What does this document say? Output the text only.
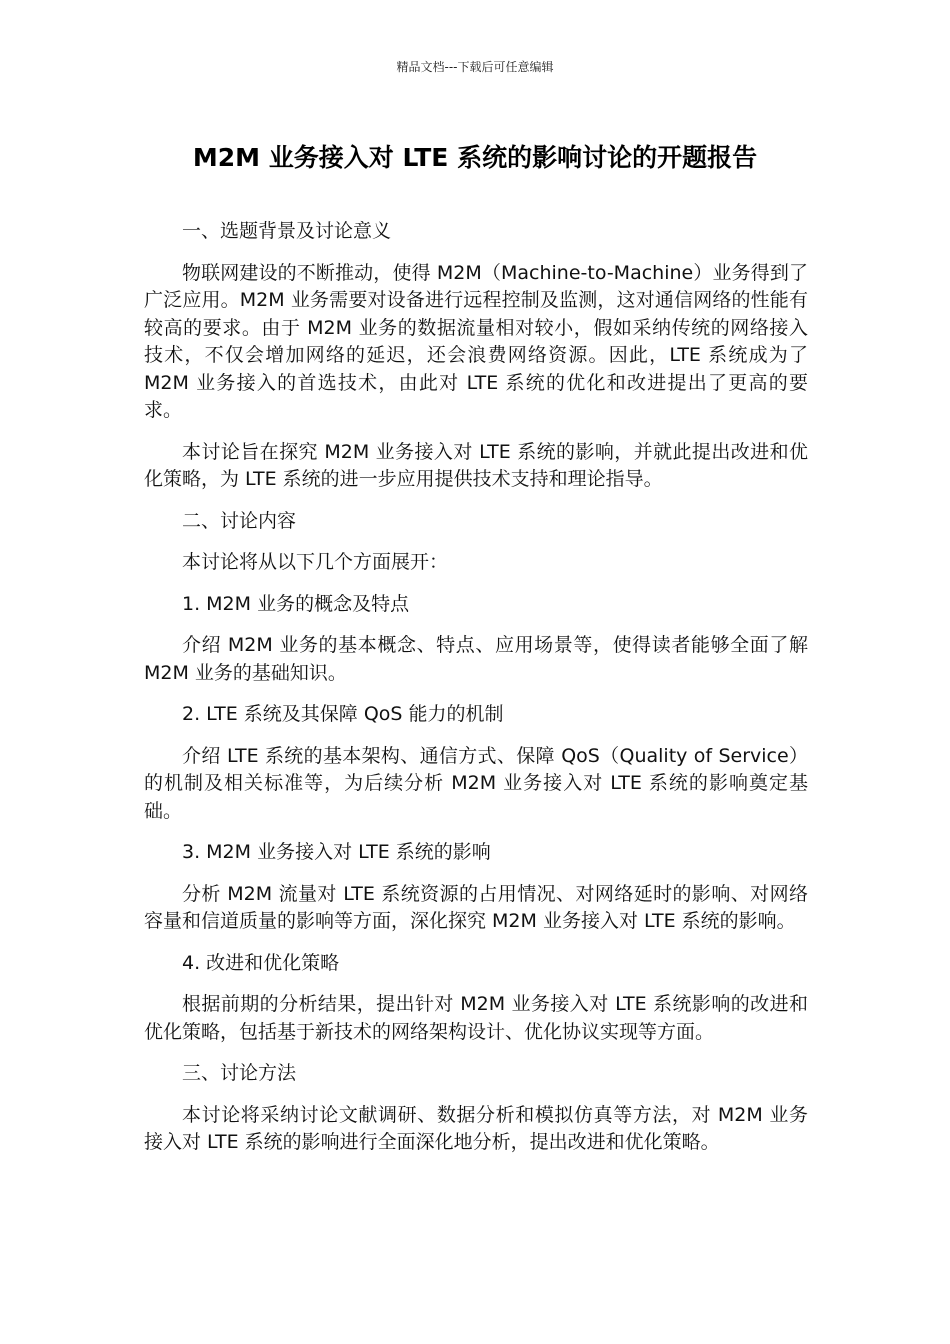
精品文档---下载后可任意编辑
M2M 业务接入对 LTE 系统的影响讨论的开题报告

一、选题背景及讨论意义

物联网建设的不断推动，使得 M2M（Machine-to-Machine）业务得到了广泛应用。M2M 业务需要对设备进行远程控制及监测，这对通信网络的性能有较高的要求。由于 M2M 业务的数据流量相对较小，假如采纳传统的网络接入技术，不仅会增加网络的延迟，还会浪费网络资源。因此，LTE 系统成为了 M2M 业务接入的首选技术，由此对 LTE 系统的优化和改进提出了更高的要求。

本讨论旨在探究 M2M 业务接入对 LTE 系统的影响，并就此提出改进和优化策略，为 LTE 系统的进一步应用提供技术支持和理论指导。

二、讨论内容

本讨论将从以下几个方面展开：

1. M2M 业务的概念及特点

介绍 M2M 业务的基本概念、特点、应用场景等，使得读者能够全面了解 M2M 业务的基础知识。

2. LTE 系统及其保障 QoS 能力的机制

介绍 LTE 系统的基本架构、通信方式、保障 QoS（Quality of Service）的机制及相关标准等，为后续分析 M2M 业务接入对 LTE 系统的影响奠定基础。

3. M2M 业务接入对 LTE 系统的影响

分析 M2M 流量对 LTE 系统资源的占用情况、对网络延时的影响、对网络容量和信道质量的影响等方面，深化探究 M2M 业务接入对 LTE 系统的影响。

4. 改进和优化策略

根据前期的分析结果，提出针对 M2M 业务接入对 LTE 系统影响的改进和优化策略，包括基于新技术的网络架构设计、优化协议实现等方面。

三、讨论方法

本讨论将采纳讨论文献调研、数据分析和模拟仿真等方法，对 M2M 业务接入对 LTE 系统的影响进行全面深化地分析，提出改进和优化策略。
